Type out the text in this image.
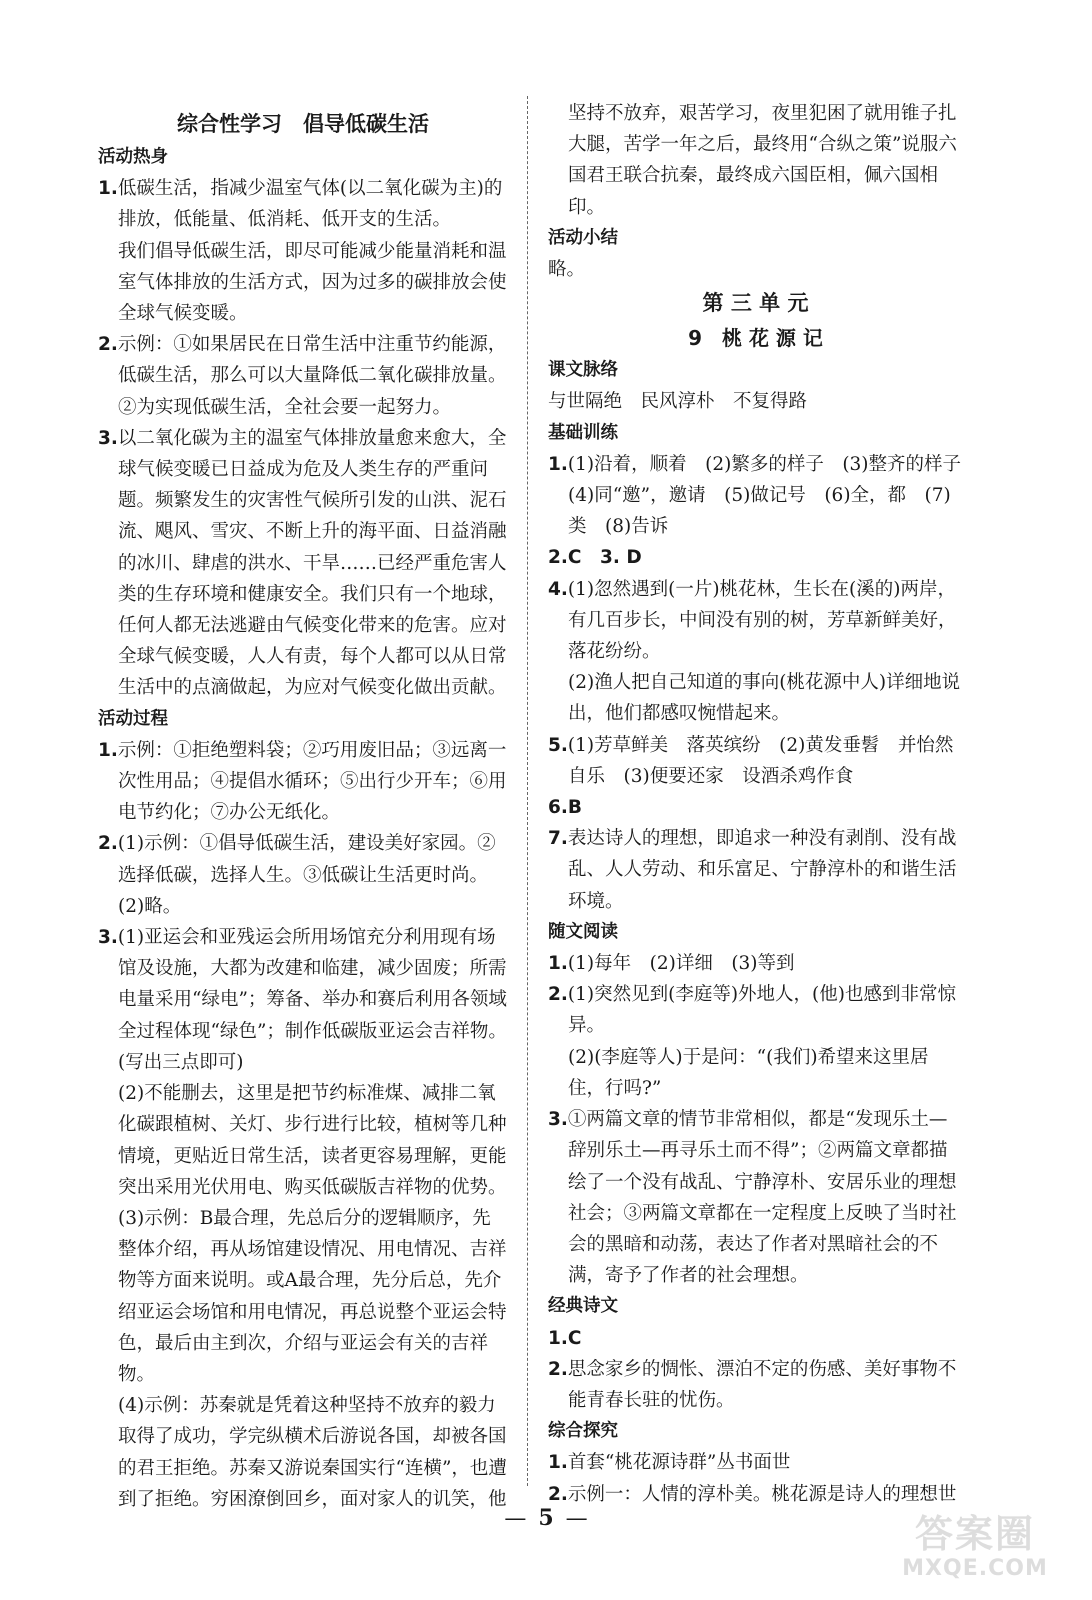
综合性学习　倡导低碳生活
活动热身
1.低碳生活，指减少温室气体(以二氧化碳为主)的排放，低能量、低消耗、低开支的生活。
我们倡导低碳生活，即尽可能减少能量消耗和温室气体排放的生活方式，因为过多的碳排放会使全球气候变暖。
2.示例：①如果居民在日常生活中注重节约能源，低碳生活，那么可以大量降低二氧化碳排放量。
②为实现低碳生活，全社会要一起努力。
3.以二氧化碳为主的温室气体排放量愈来愈大，全球气候变暖已日益成为危及人类生存的严重问题。频繁发生的灾害性气候所引发的山洪、泥石流、飓风、雪灾、不断上升的海平面、日益消融的冰川、肆虐的洪水、干旱……已经严重危害人类的生存环境和健康安全。我们只有一个地球，任何人都无法逃避由气候变化带来的危害。应对全球气候变暖，人人有责，每个人都可以从日常生活中的点滴做起，为应对气候变化做出贡献。
活动过程
1.示例：①拒绝塑料袋；②巧用废旧品；③远离一次性用品；④提倡水循环；⑤出行少开车；⑥用电节约化；⑦办公无纸化。
2.(1)示例：①倡导低碳生活，建设美好家园。②选择低碳，选择人生。③低碳让生活更时尚。
(2)略。
3.(1)亚运会和亚残运会所用场馆充分利用现有场馆及设施，大都为改建和临建，减少固废；所需电量采用“绿电”；筹备、举办和赛后利用各领域全过程体现“绿色”；制作低碳版亚运会吉祥物。(写出三点即可)
(2)不能删去，这里是把节约标准煤、减排二氧化碳跟植树、关灯、步行进行比较，植树等几种情境，更贴近日常生活，读者更容易理解，更能突出采用光伏用电、购买低碳版吉祥物的优势。
(3)示例：B最合理，先总后分的逻辑顺序，先整体介绍，再从场馆建设情况、用电情况、吉祥物等方面来说明。或A最合理，先分后总，先介绍亚运会场馆和用电情况，再总说整个亚运会特色，最后由主到次，介绍与亚运会有关的吉祥物。
(4)示例：苏秦就是凭着这种坚持不放弃的毅力取得了成功，学完纵横术后游说各国，却被各国的君王拒绝。苏秦又游说秦国实行“连横”，也遭到了拒绝。穷困潦倒回乡，面对家人的讥笑，他
坚持不放弃，艰苦学习，夜里犯困了就用锥子扎大腿，苦学一年之后，最终用“合纵之策”说服六国君王联合抗秦，最终成六国臣相，佩六国相印。
活动小结
略。
第 三 单 元
9　桃 花 源 记
课文脉络
与世隔绝　民风淳朴　不复得路
基础训练
1.(1)沿着，顺着　(2)繁多的样子　(3)整齐的样子　(4)同“邀”，邀请　(5)做记号　(6)全，都　(7)类　(8)告诉
2.C　3. D
4.(1)忽然遇到(一片)桃花林，生长在(溪的)两岸，有几百步长，中间没有别的树，芳草新鲜美好，落花纷纷。
(2)渔人把自己知道的事向(桃花源中人)详细地说出，他们都感叹惋惜起来。
5.(1)芳草鲜美　落英缤纷　(2)黄发垂髫　并怡然自乐　(3)便要还家　设酒杀鸡作食
6.B
7.表达诗人的理想，即追求一种没有剥削、没有战乱、人人劳动、和乐富足、宁静淳朴的和谐生活环境。
随文阅读
1.(1)每年　(2)详细　(3)等到
2.(1)突然见到(李庭等)外地人，(他)也感到非常惊异。
(2)(李庭等人)于是问：“(我们)希望来这里居住，行吗?”
3.①两篇文章的情节非常相似，都是“发现乐土—辞别乐土—再寻乐土而不得”；②两篇文章都描绘了一个没有战乱、宁静淳朴、安居乐业的理想社会；③两篇文章都在一定程度上反映了当时社会的黑暗和动荡，表达了作者对黑暗社会的不满，寄予了作者的社会理想。
经典诗文
1.C
2.思念家乡的惆怅、漂泊不定的伤感、美好事物不能青春长驻的忧伤。
综合探究
1.首套“桃花源诗群”丛书面世
2.示例一：人情的淳朴美。桃花源是诗人的理想世
— 5 —	答案圈
MXQE.COM
